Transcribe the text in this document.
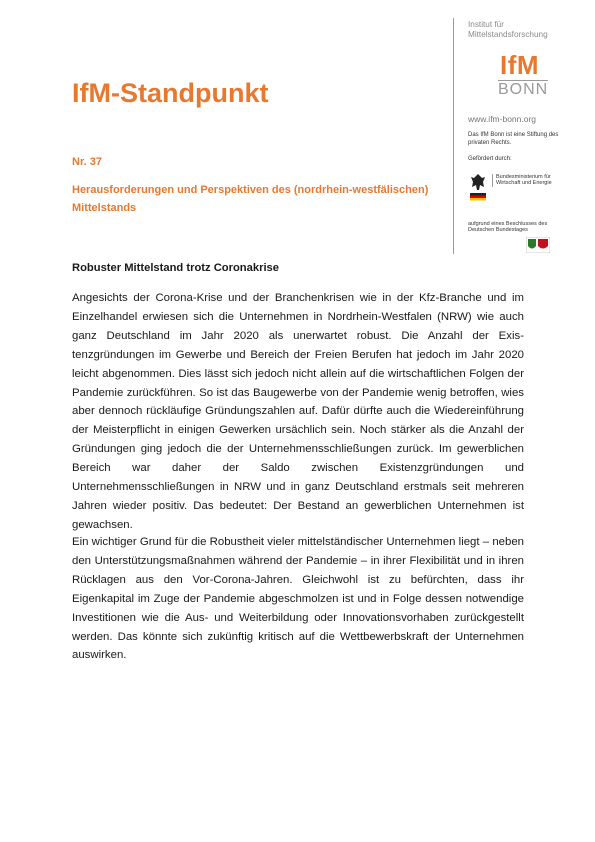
Institut für Mittelstandsforschung
IfM
BONN
www.ifm-bonn.org
Das IfM Bonn ist eine Stiftung des privaten Rechts.
Gefördert durch:
Bundesministerium für Wirtschaft und Energie
aufgrund eines Beschlusses des Deutschen Bundestages
IfM-Standpunkt
Nr. 37
Herausforderungen und Perspektiven des (nordrhein-westfälischen) Mittelstands
Robuster Mittelstand trotz Coronakrise

Angesichts der Corona-Krise und der Branchenkrisen wie in der Kfz-Branche und im Einzelhandel erwiesen sich die Unternehmen in Nordrhein-Westfalen (NRW) wie auch ganz Deutschland im Jahr 2020 als unerwartet robust. Die Anzahl der Existenzgründungen im Gewerbe und Bereich der Freien Berufen hat jedoch im Jahr 2020 leicht abgenommen. Dies lässt sich jedoch nicht allein auf die wirtschaftlichen Folgen der Pandemie zurückführen. So ist das Baugewerbe von der Pandemie wenig betroffen, wies aber dennoch rückläufige Gründungszahlen auf. Dafür dürfte auch die Wiedereinführung der Meisterpflicht in einigen Gewerken ursächlich sein. Noch stärker als die Anzahl der Gründungen ging jedoch die der Unternehmensschließungen zurück. Im gewerblichen Bereich war daher der Saldo zwischen Existenzgründungen und Unternehmensschließungen in NRW und in ganz Deutschland erstmals seit mehreren Jahren wieder positiv. Das bedeutet: Der Bestand an gewerblichen Unternehmen ist gewachsen.

Ein wichtiger Grund für die Robustheit vieler mittelständischer Unternehmen liegt – neben den Unterstützungsmaßnahmen während der Pandemie – in ihrer Flexibilität und in ihren Rücklagen aus den Vor-Corona-Jahren. Gleichwohl ist zu befürchten, dass ihr Eigenkapital im Zuge der Pandemie abgeschmolzen ist und in Folge dessen notwendige Investitionen wie die Aus- und Weiterbildung oder Innovationsvorhaben zurückgestellt werden. Das könnte sich zukünftig kritisch auf die Wettbewerbskraft der Unternehmen auswirken.
